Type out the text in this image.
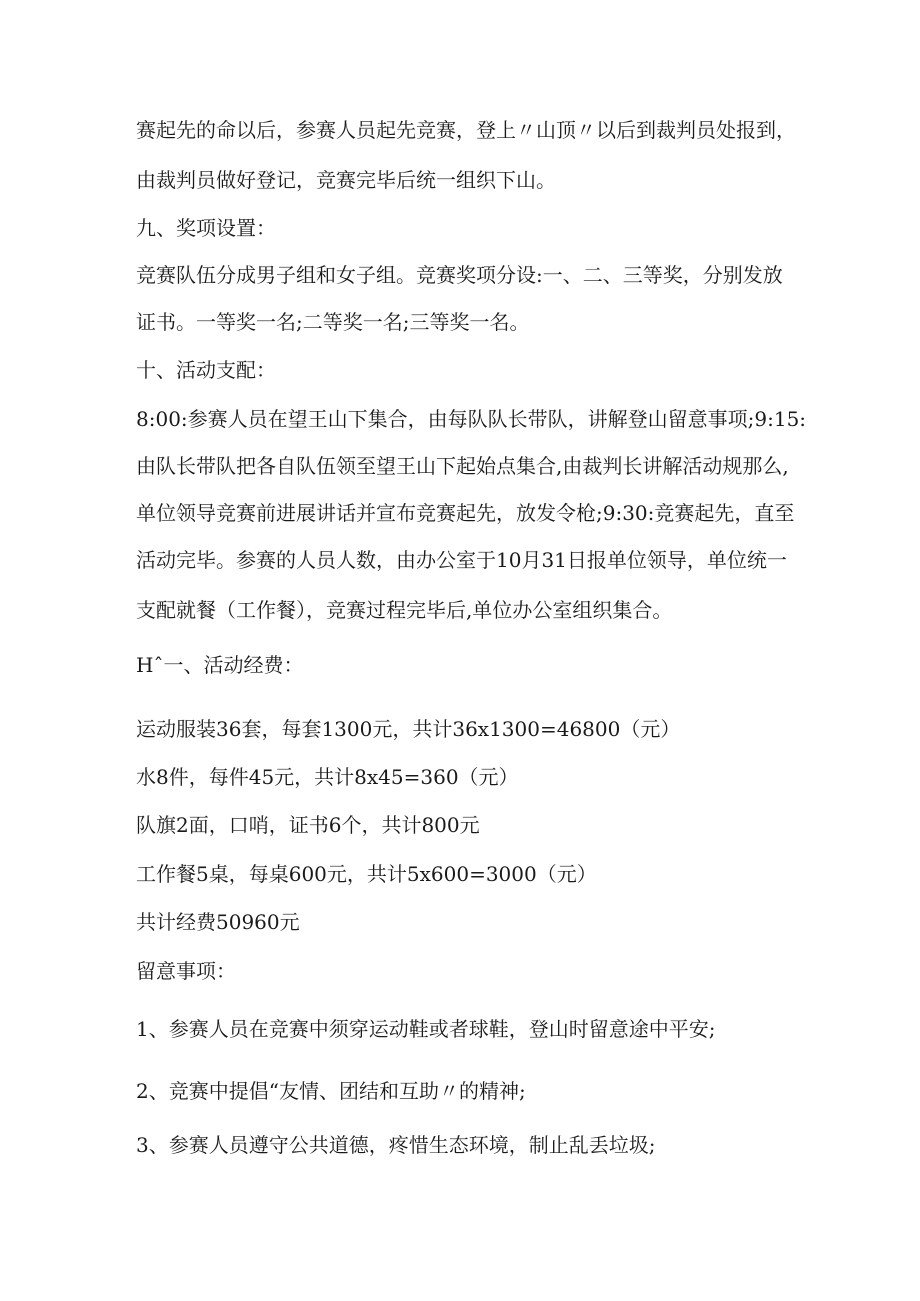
赛起先的命以后，参赛人员起先竞赛，登上〃山顶〃以后到裁判员处报到，
由裁判员做好登记，竞赛完毕后统一组织下山。
九、奖项设置：
竞赛队伍分成男子组和女子组。竞赛奖项分设:一、二、三等奖，分别发放
证书。一等奖一名;二等奖一名;三等奖一名。
十、活动支配：
8:00:参赛人员在望王山下集合，由每队队长带队，讲解登山留意事项;9:15:
由队长带队把各自队伍领至望王山下起始点集合,由裁判长讲解活动规那么,
单位领导竞赛前进展讲话并宣布竞赛起先，放发令枪;9:30:竞赛起先，直至
活动完毕。参赛的人员人数，由办公室于10月31日报单位领导，单位统一
支配就餐（工作餐），竞赛过程完毕后,单位办公室组织集合。
Hˆ一、活动经费：
运动服装36套，每套1300元，共计36x1300=46800（元）
水8件，每件45元，共计8x45=360（元）
队旗2面，口哨，证书6个，共计800元
工作餐5桌，每桌600元，共计5x600=3000（元）
共计经费50960元
留意事项：
1、参赛人员在竞赛中须穿运动鞋或者球鞋，登山时留意途中平安;
2、竞赛中提倡“友情、团结和互助〃的精神;
3、参赛人员遵守公共道德，疼惜生态环境，制止乱丢垃圾;
